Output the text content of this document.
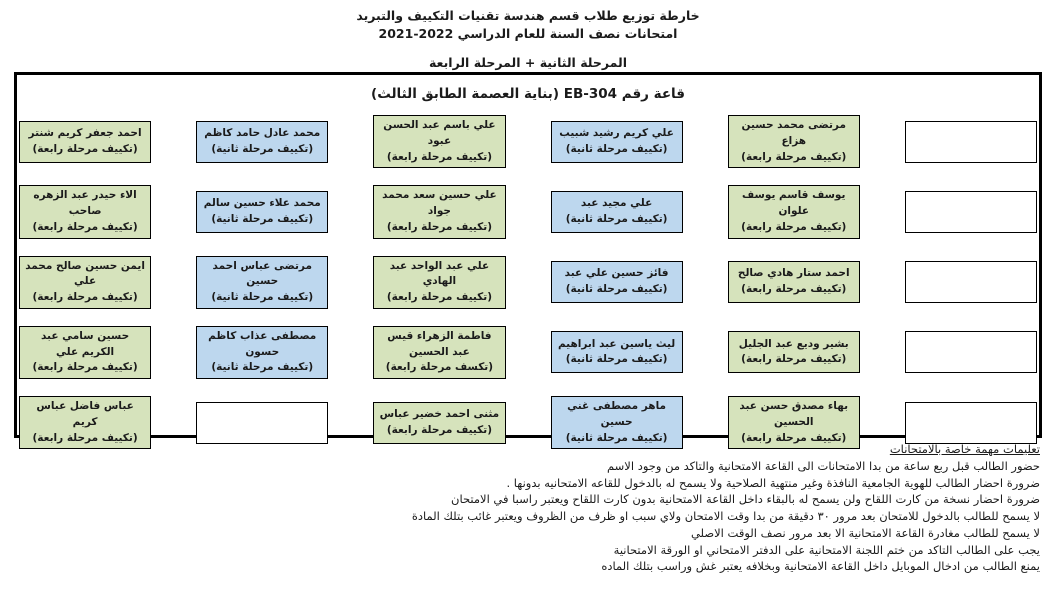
خارطة توزيع طلاب قسم هندسة تقنيات التكييف والتبريد
امتحانات نصف السنة للعام الدراسي 2022-2021
المرحلة الثانية + المرحلة الرابعة
قاعة رقم EB-304 (بناية العصمة الطابق الثالث)
احمد جعفر كريم شنتر
(تكييف مرحلة رابعة)
محمد عادل حامد كاظم
(تكييف مرحلة ثانية)
علي باسم عبد الحسن عبود
(تكييف مرحلة رابعة)
علي كريم رشيد شبيب
(تكييف مرحلة ثانية)
مرتضى محمد حسين هزاع
(تكييف مرحلة رابعة)
الاء حيدر عبد الزهره صاحب
(تكييف مرحلة رابعة)
محمد علاء حسين سالم
(تكييف مرحلة ثانية)
علي حسين سعد محمد جواد
(تكييف مرحلة رابعة)
علي مجيد عبد
(تكييف مرحلة ثانية)
يوسف قاسم يوسف علوان
(تكييف مرحلة رابعة)
ايمن حسين صالح محمد علي
(تكييف مرحلة رابعة)
مرتضى عباس احمد حسين
(تكييف مرحلة ثانية)
علي عبد الواحد عبد الهادي
(تكييف مرحلة رابعة)
فائز حسين علي عبد
(تكييف مرحلة ثانية)
احمد ستار هادي صالح
(تكييف مرحلة رابعة)
حسين سامي عبد الكريم علي
(تكييف مرحلة رابعة)
مصطفى عذاب كاظم حسون
(تكييف مرحلة ثانية)
فاطمة الزهراء قيس عبد الحسين
(تكسف مرحلة رابعة)
ليث ياسين عبد ابراهيم
(تكييف مرحلة ثانية)
بشير وديع عبد الجليل
(تكييف مرحلة رابعة)
عباس فاضل عباس كريم
(تكييف مرحلة رابعة)
مثنى احمد خضير عباس
(تكييف مرحلة رابعة)
ماهر مصطفى غني حسين
(تكييف مرحلة ثانية)
بهاء مصدق حسن عبد الحسين
(تكييف مرحلة رابعة)
تعليمات مهمة خاصة بالامتحانات
حضور الطالب قبل ربع ساعة من بدا الامتحانات الى القاعة الامتحانية والتاكد من وجود الاسم
ضرورة احضار الطالب للهوية الجامعية النافذة وغير منتهية الصلاحية ولا يسمح له بالدخول للقاعه الامتحانيه بدونها .
ضرورة احضار نسخة من كارت اللقاح ولن يسمح له بالبقاء داخل القاعة الامتحانية بدون كارت اللقاح ويعتبر راسبا في الامتحان
لا يسمح للطالب بالدخول للامتحان بعد مرور ٣٠ دقيقة من بدا وقت الامتحان ولاي سبب او ظرف من الظروف ويعتبر غائب بتلك المادة
لا يسمح للطالب مغادرة القاعة الامتحانية الا بعد مرور نصف الوقت الاصلي
يجب على الطالب التاكد من ختم اللجنة الامتحانية على الدفتر الامتحاني او الورقة الامتحانية
يمنع الطالب من ادخال الموبايل داخل القاعة الامتحانية وبخلافه يعتبر غش وراسب بتلك الماده
